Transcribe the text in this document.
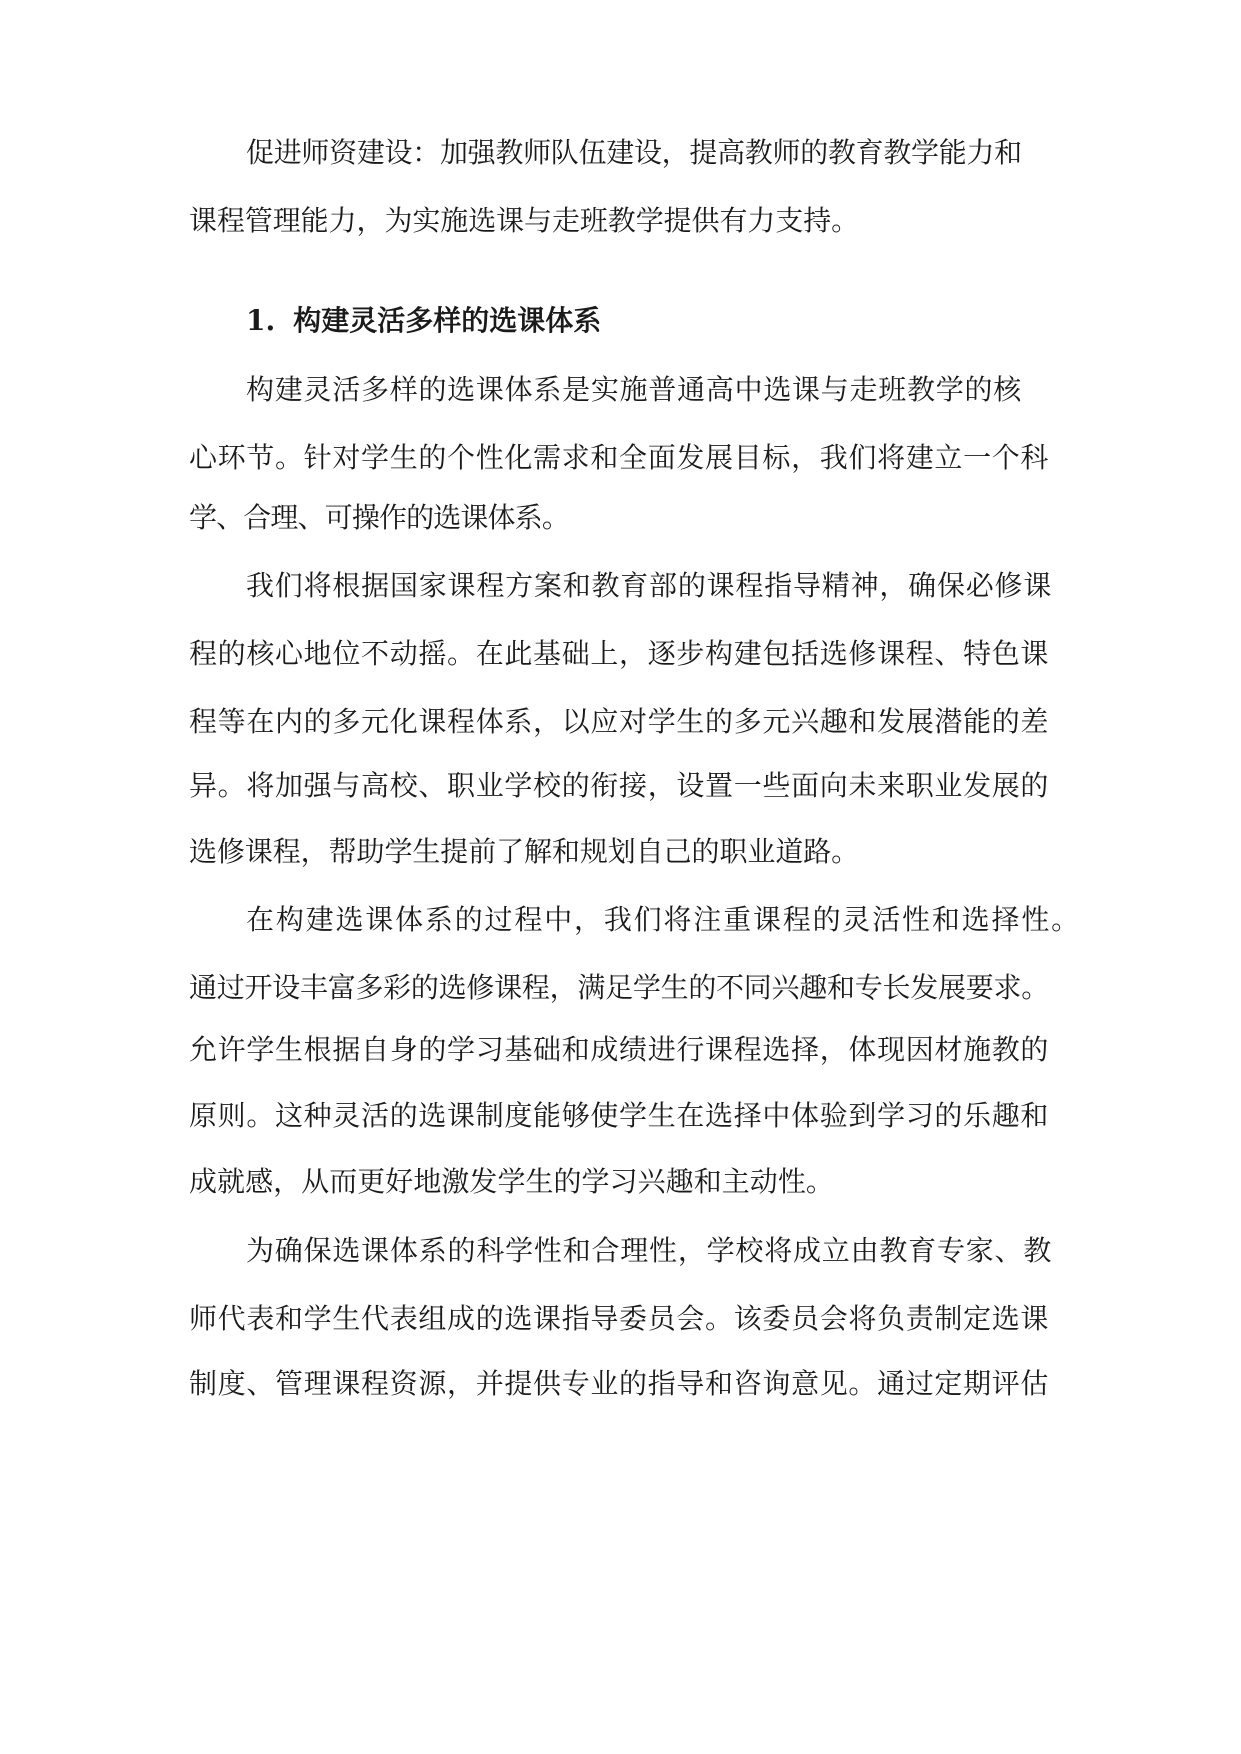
促进师资建设：加强教师队伍建设，提高教师的教育教学能力和
课程管理能力，为实施选课与走班教学提供有力支持。
1. 构建灵活多样的选课体系
构建灵活多样的选课体系是实施普通高中选课与走班教学的核
心环节。针对学生的个性化需求和全面发展目标，我们将建立一个科
学、合理、可操作的选课体系。
我们将根据国家课程方案和教育部的课程指导精神，确保必修课
程的核心地位不动摇。在此基础上，逐步构建包括选修课程、特色课
程等在内的多元化课程体系，以应对学生的多元兴趣和发展潜能的差
异。将加强与高校、职业学校的衔接，设置一些面向未来职业发展的
选修课程，帮助学生提前了解和规划自己的职业道路。
在构建选课体系的过程中，我们将注重课程的灵活性和选择性。
通过开设丰富多彩的选修课程，满足学生的不同兴趣和专长发展要求。
允许学生根据自身的学习基础和成绩进行课程选择，体现因材施教的
原则。这种灵活的选课制度能够使学生在选择中体验到学习的乐趣和
成就感，从而更好地激发学生的学习兴趣和主动性。
为确保选课体系的科学性和合理性，学校将成立由教育专家、教
师代表和学生代表组成的选课指导委员会。该委员会将负责制定选课
制度、管理课程资源，并提供专业的指导和咨询意见。通过定期评估
